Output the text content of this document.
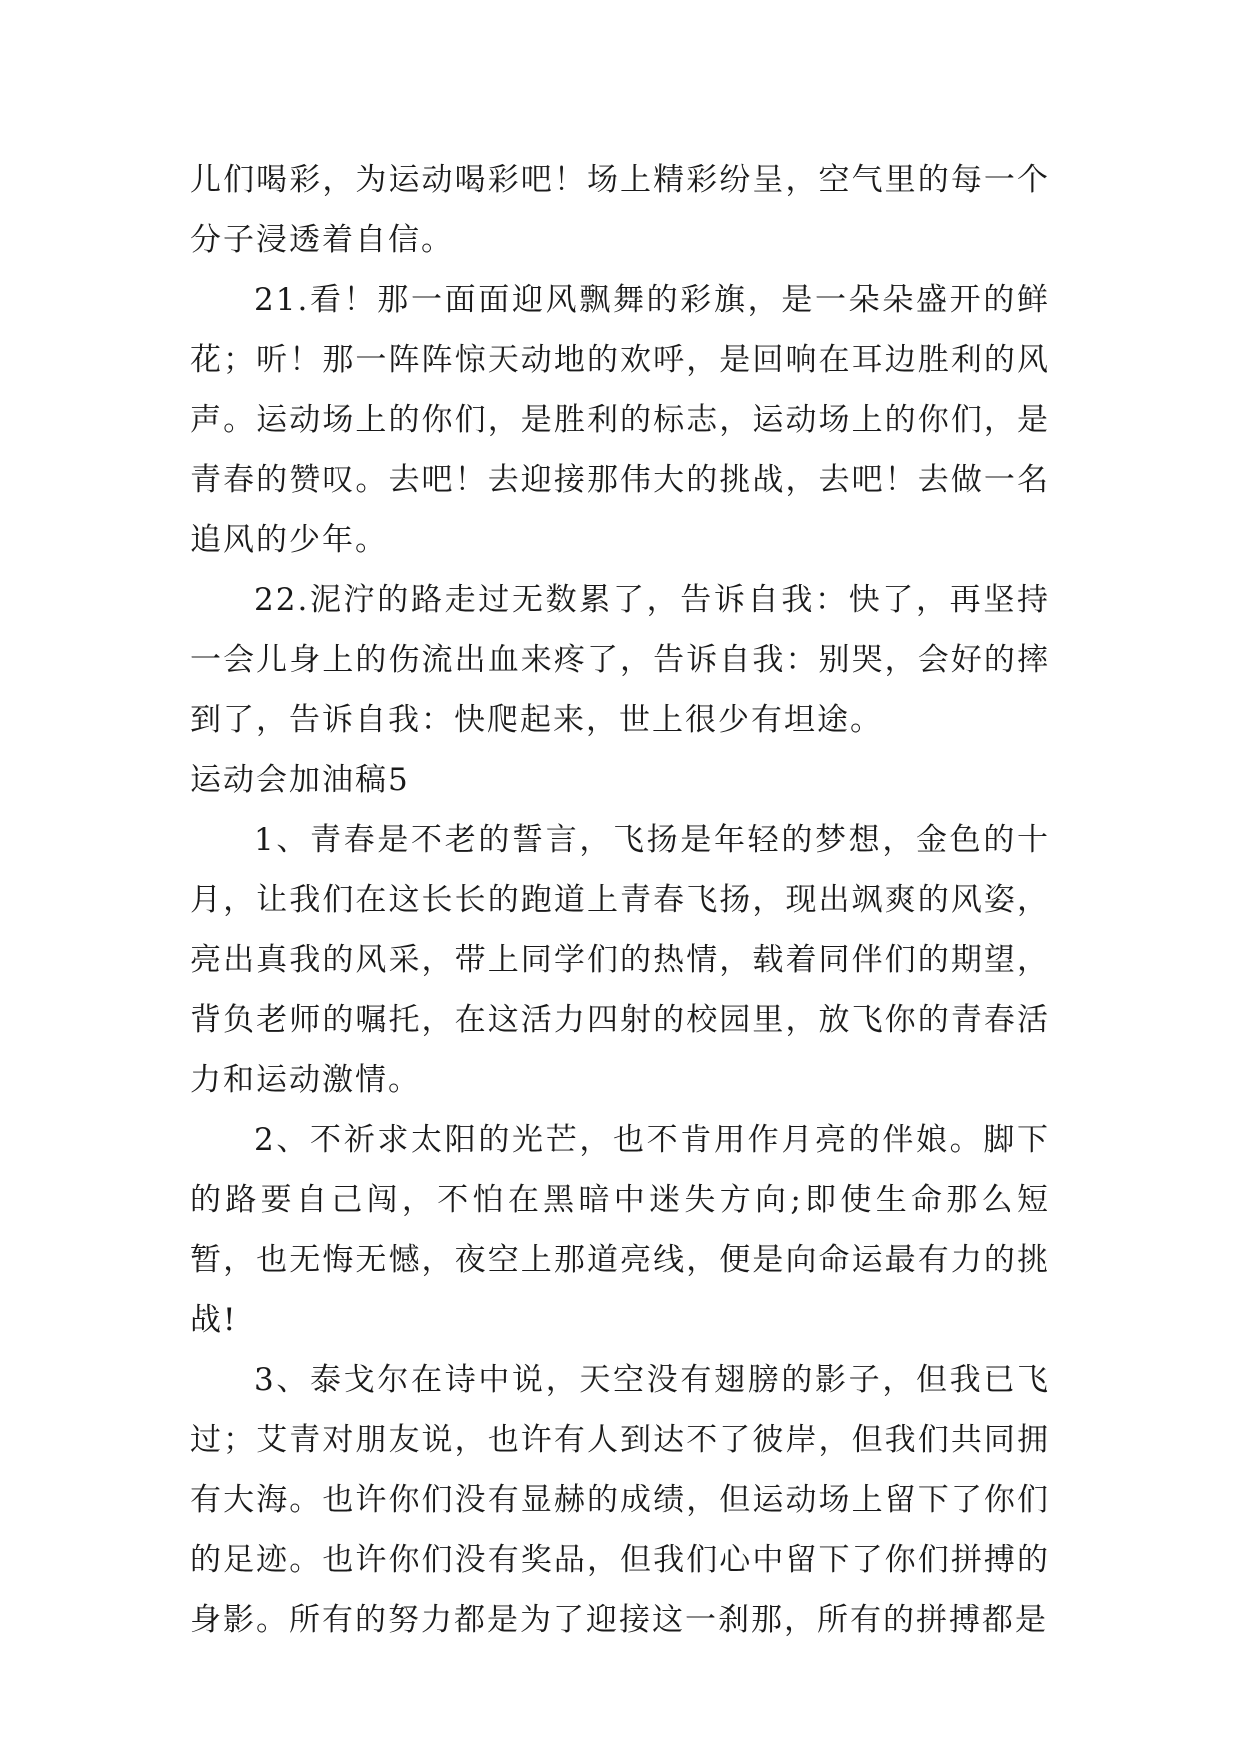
儿们喝彩，为运动喝彩吧！场上精彩纷呈，空气里的每一个分子浸透着自信。

21.看！那一面面迎风飘舞的彩旗，是一朵朵盛开的鲜花；听！那一阵阵惊天动地的欢呼，是回响在耳边胜利的风声。运动场上的你们，是胜利的标志，运动场上的你们，是青春的赞叹。去吧！去迎接那伟大的挑战，去吧！去做一名追风的少年。

22.泥泞的路走过无数累了，告诉自我：快了，再坚持一会儿身上的伤流出血来疼了，告诉自我：别哭，会好的摔到了，告诉自我：快爬起来，世上很少有坦途。

运动会加油稿5

1、青春是不老的誓言，飞扬是年轻的梦想，金色的十月，让我们在这长长的跑道上青春飞扬，现出飒爽的风姿，亮出真我的风采，带上同学们的热情，载着同伴们的期望，背负老师的嘱托，在这活力四射的校园里，放飞你的青春活力和运动激情。

2、不祈求太阳的光芒，也不肯用作月亮的伴娘。脚下的路要自己闯，不怕在黑暗中迷失方向;即使生命那么短暂，也无悔无憾，夜空上那道亮线，便是向命运最有力的挑战!

3、泰戈尔在诗中说，天空没有翅膀的影子，但我已飞过；艾青对朋友说，也许有人到达不了彼岸，但我们共同拥有大海。也许你们没有显赫的成绩，但运动场上留下了你们的足迹。也许你们没有奖品，但我们心中留下了你们拼搏的身影。所有的努力都是为了迎接这一刹那，所有的拼搏都是
